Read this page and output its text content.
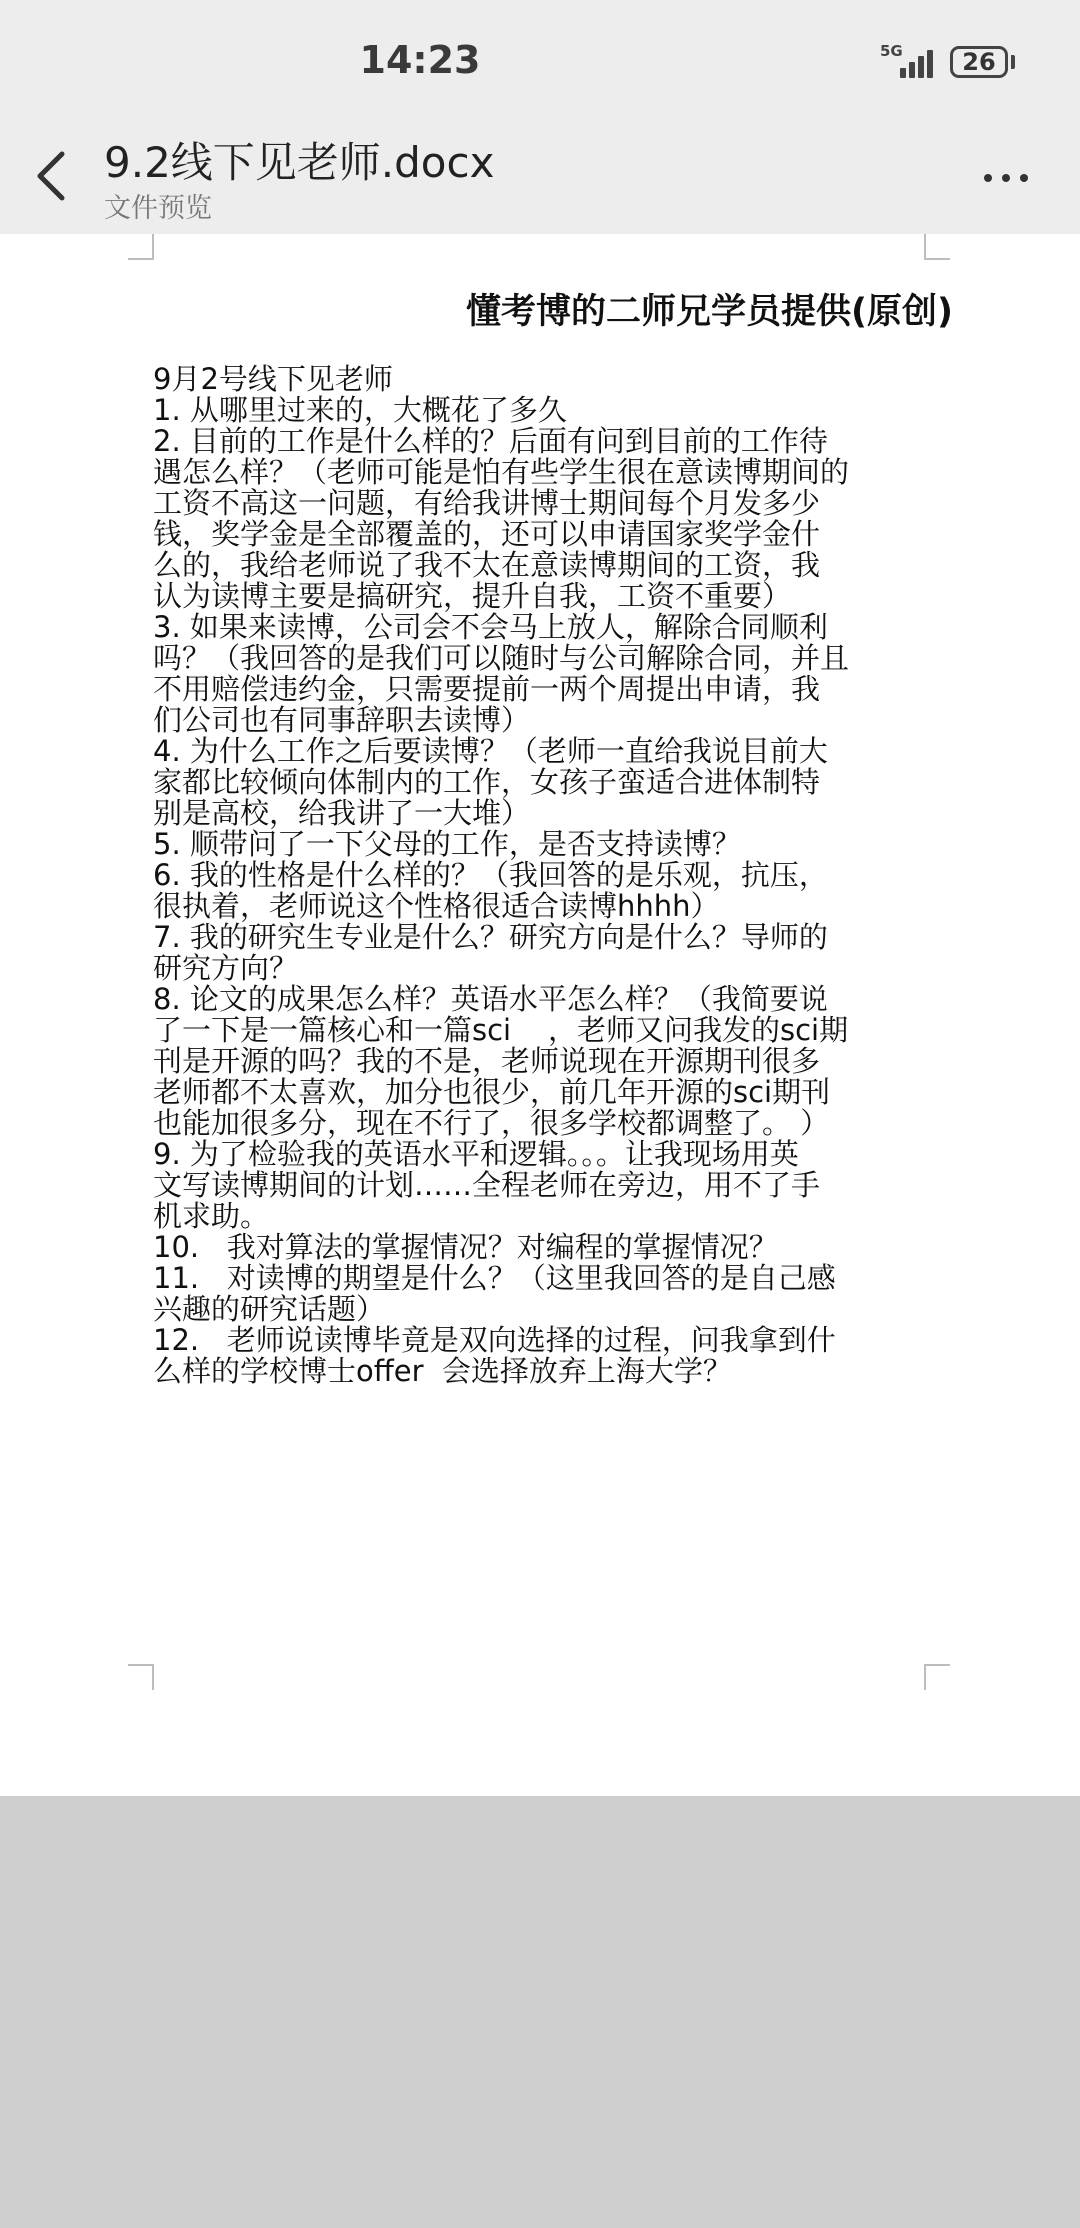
14:23	5G	26
9.2线下见老师.docx
文件预览
懂考博的二师兄学员提供(原创)
9月2号线下见老师
1. 从哪里过来的，大概花了多久
2. 目前的工作是什么样的？后面有问到目前的工作待
遇怎么样？（老师可能是怕有些学生很在意读博期间的
工资不高这一问题，有给我讲博士期间每个月发多少
钱，奖学金是全部覆盖的，还可以申请国家奖学金什
么的，我给老师说了我不太在意读博期间的工资，我
认为读博主要是搞研究，提升自我，工资不重要）
3. 如果来读博，公司会不会马上放人，解除合同顺利
吗？（我回答的是我们可以随时与公司解除合同，并且
不用赔偿违约金，只需要提前一两个周提出申请，我
们公司也有同事辞职去读博）
4. 为什么工作之后要读博？（老师一直给我说目前大
家都比较倾向体制内的工作，女孩子蛮适合进体制特
别是高校，给我讲了一大堆）
5. 顺带问了一下父母的工作，是否支持读博？
6. 我的性格是什么样的？（我回答的是乐观，抗压，
很执着，老师说这个性格很适合读博hhhh）
7. 我的研究生专业是什么？研究方向是什么？导师的
研究方向？
8. 论文的成果怎么样？英语水平怎么样？（我简要说
了一下是一篇核心和一篇sci    ，老师又问我发的sci期
刊是开源的吗？我的不是，老师说现在开源期刊很多
老师都不太喜欢，加分也很少，前几年开源的sci期刊
也能加很多分，现在不行了，很多学校都调整了。 ）
9. 为了检验我的英语水平和逻辑。。。让我现场用英
文写读博期间的计划……全程老师在旁边，用不了手
机求助。
10.   我对算法的掌握情况？对编程的掌握情况？
11.   对读博的期望是什么？（这里我回答的是自己感
兴趣的研究话题）
12.   老师说读博毕竟是双向选择的过程，问我拿到什
么样的学校博士offer  会选择放弃上海大学？
